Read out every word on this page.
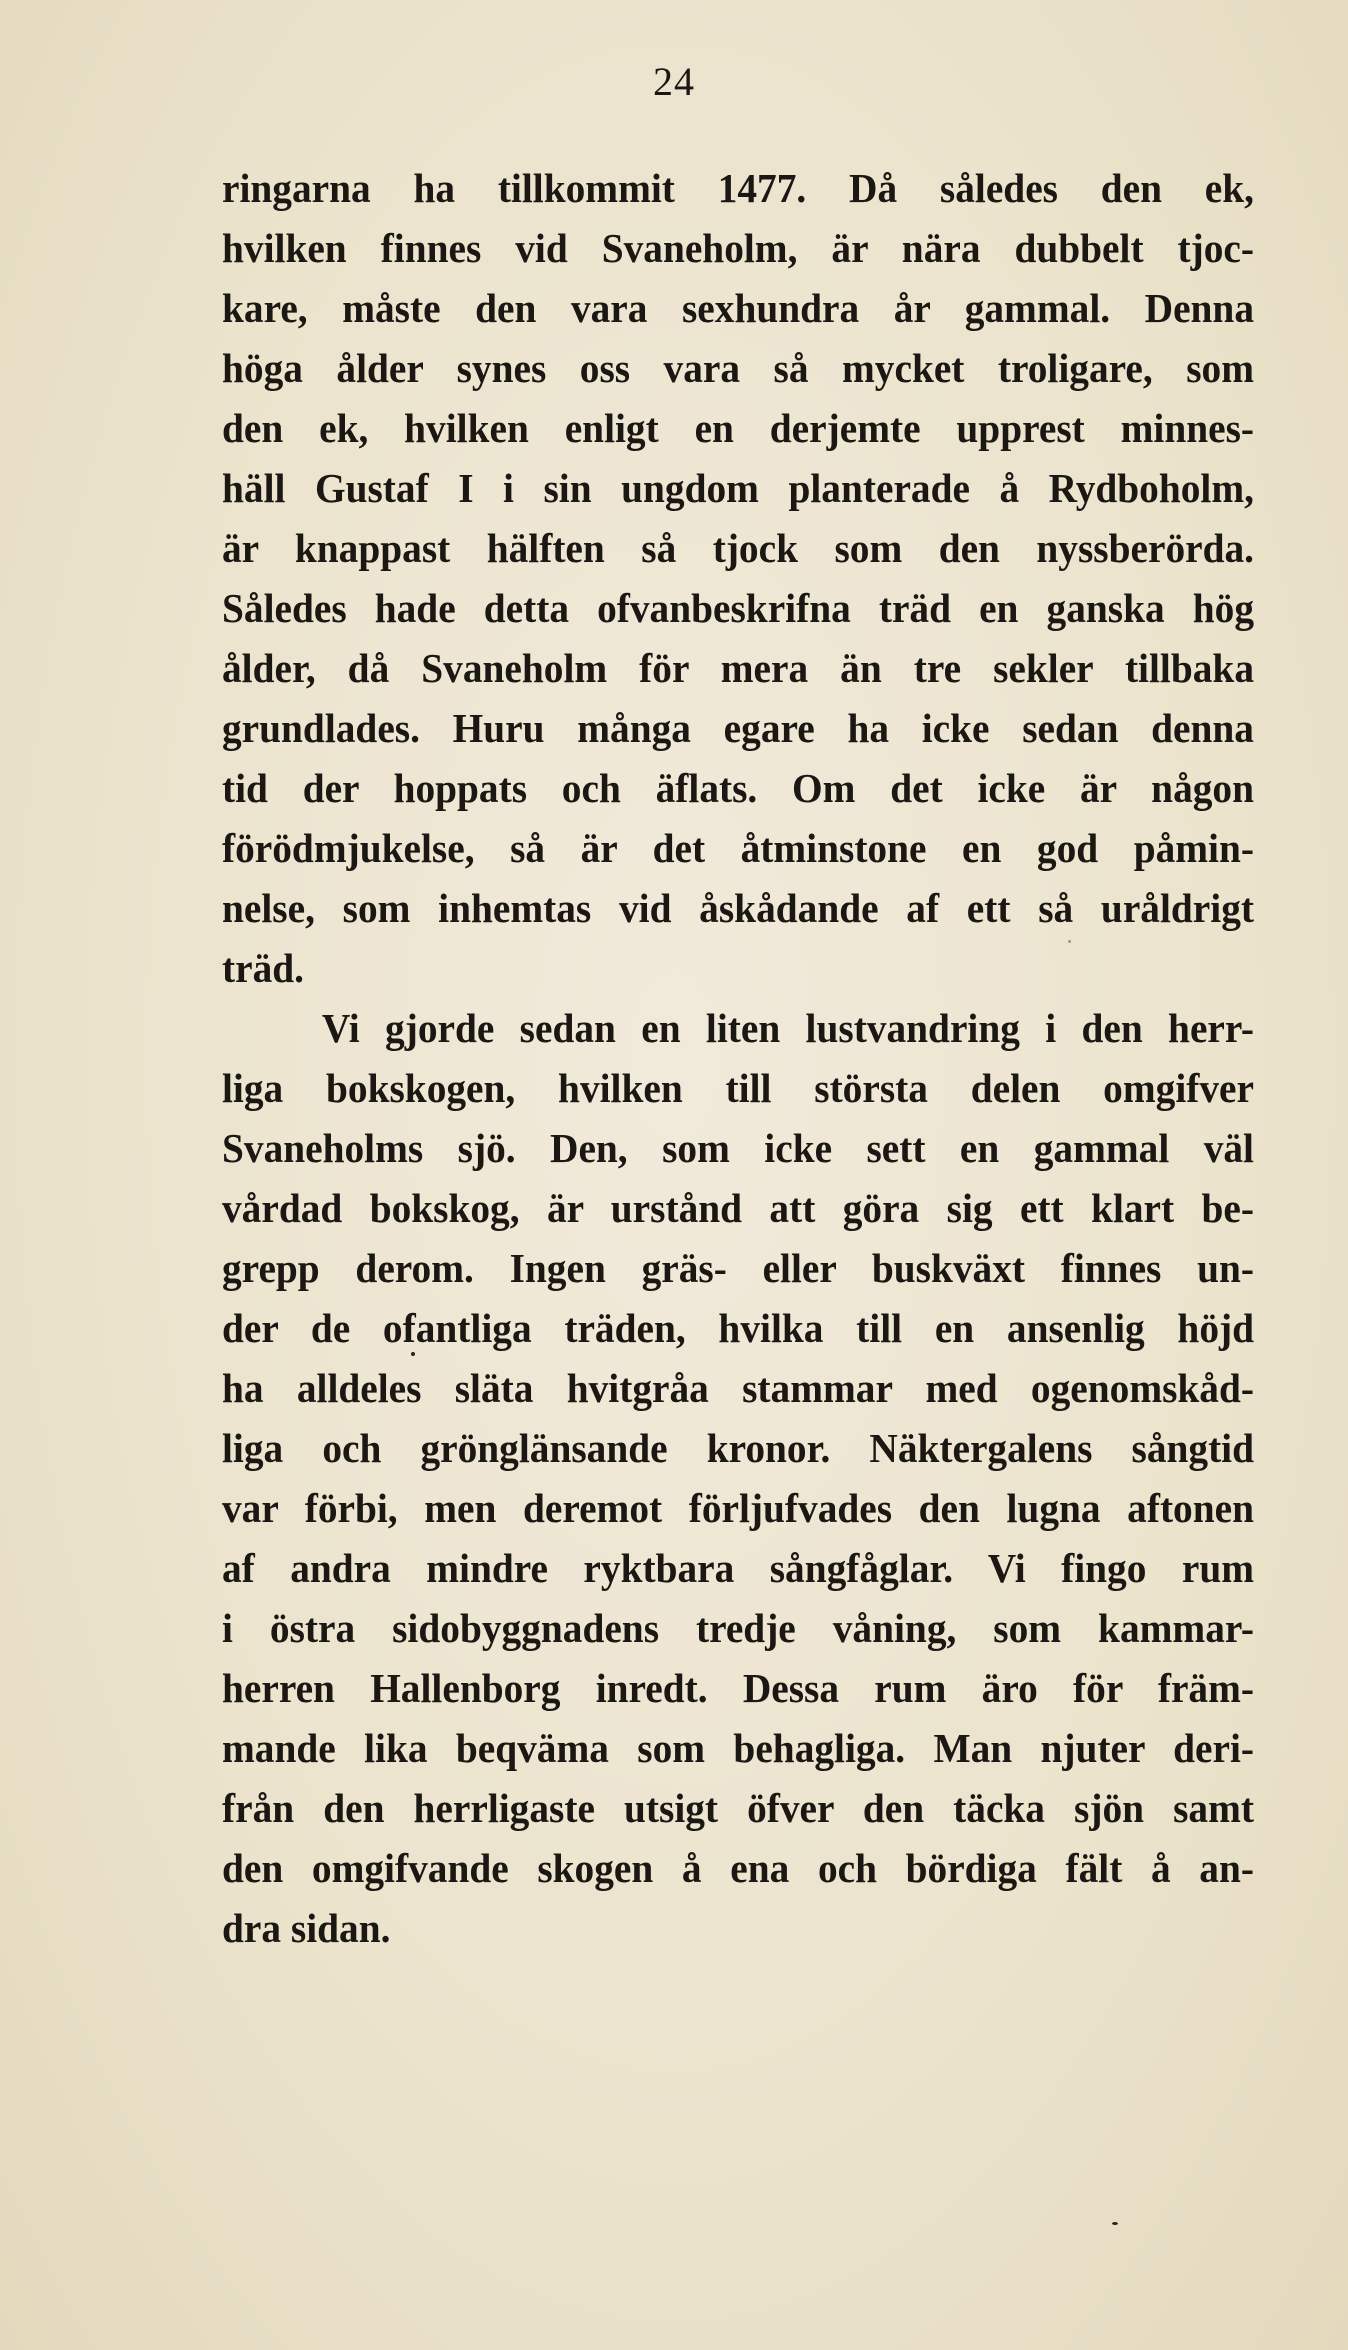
24
ringarna ha tillkommit 1477. Då således den ek,
hvilken finnes vid Svaneholm, är nära dubbelt tjoc-
kare, måste den vara sexhundra år gammal. Denna
höga ålder synes oss vara så mycket troligare, som
den ek, hvilken enligt en derjemte upprest minnes-
häll Gustaf I i sin ungdom planterade å Rydboholm,
är knappast hälften så tjock som den nyssberörda.
Således hade detta ofvanbeskrifna träd en ganska hög
ålder, då Svaneholm för mera än tre sekler tillbaka
grundlades. Huru många egare ha icke sedan denna
tid der hoppats och äflats. Om det icke är någon
förödmjukelse, så är det åtminstone en god påmin-
nelse, som inhemtas vid åskådande af ett så uråldrigt
träd.
Vi gjorde sedan en liten lustvandring i den herr-
liga bokskogen, hvilken till största delen omgifver
Svaneholms sjö. Den, som icke sett en gammal väl
vårdad bokskog, är urstånd att göra sig ett klart be-
grepp derom. Ingen gräs- eller buskväxt finnes un-
der de ofantliga träden, hvilka till en ansenlig höjd
ha alldeles släta hvitgråa stammar med ogenomskåd-
liga och grönglänsande kronor. Näktergalens sångtid
var förbi, men deremot förljufvades den lugna aftonen
af andra mindre ryktbara sångfåglar. Vi fingo rum
i östra sidobyggnadens tredje våning, som kammar-
herren Hallenborg inredt. Dessa rum äro för främ-
mande lika beqväma som behagliga. Man njuter deri-
från den herrligaste utsigt öfver den täcka sjön samt
den omgifvande skogen å ena och bördiga fält å an-
dra sidan.
